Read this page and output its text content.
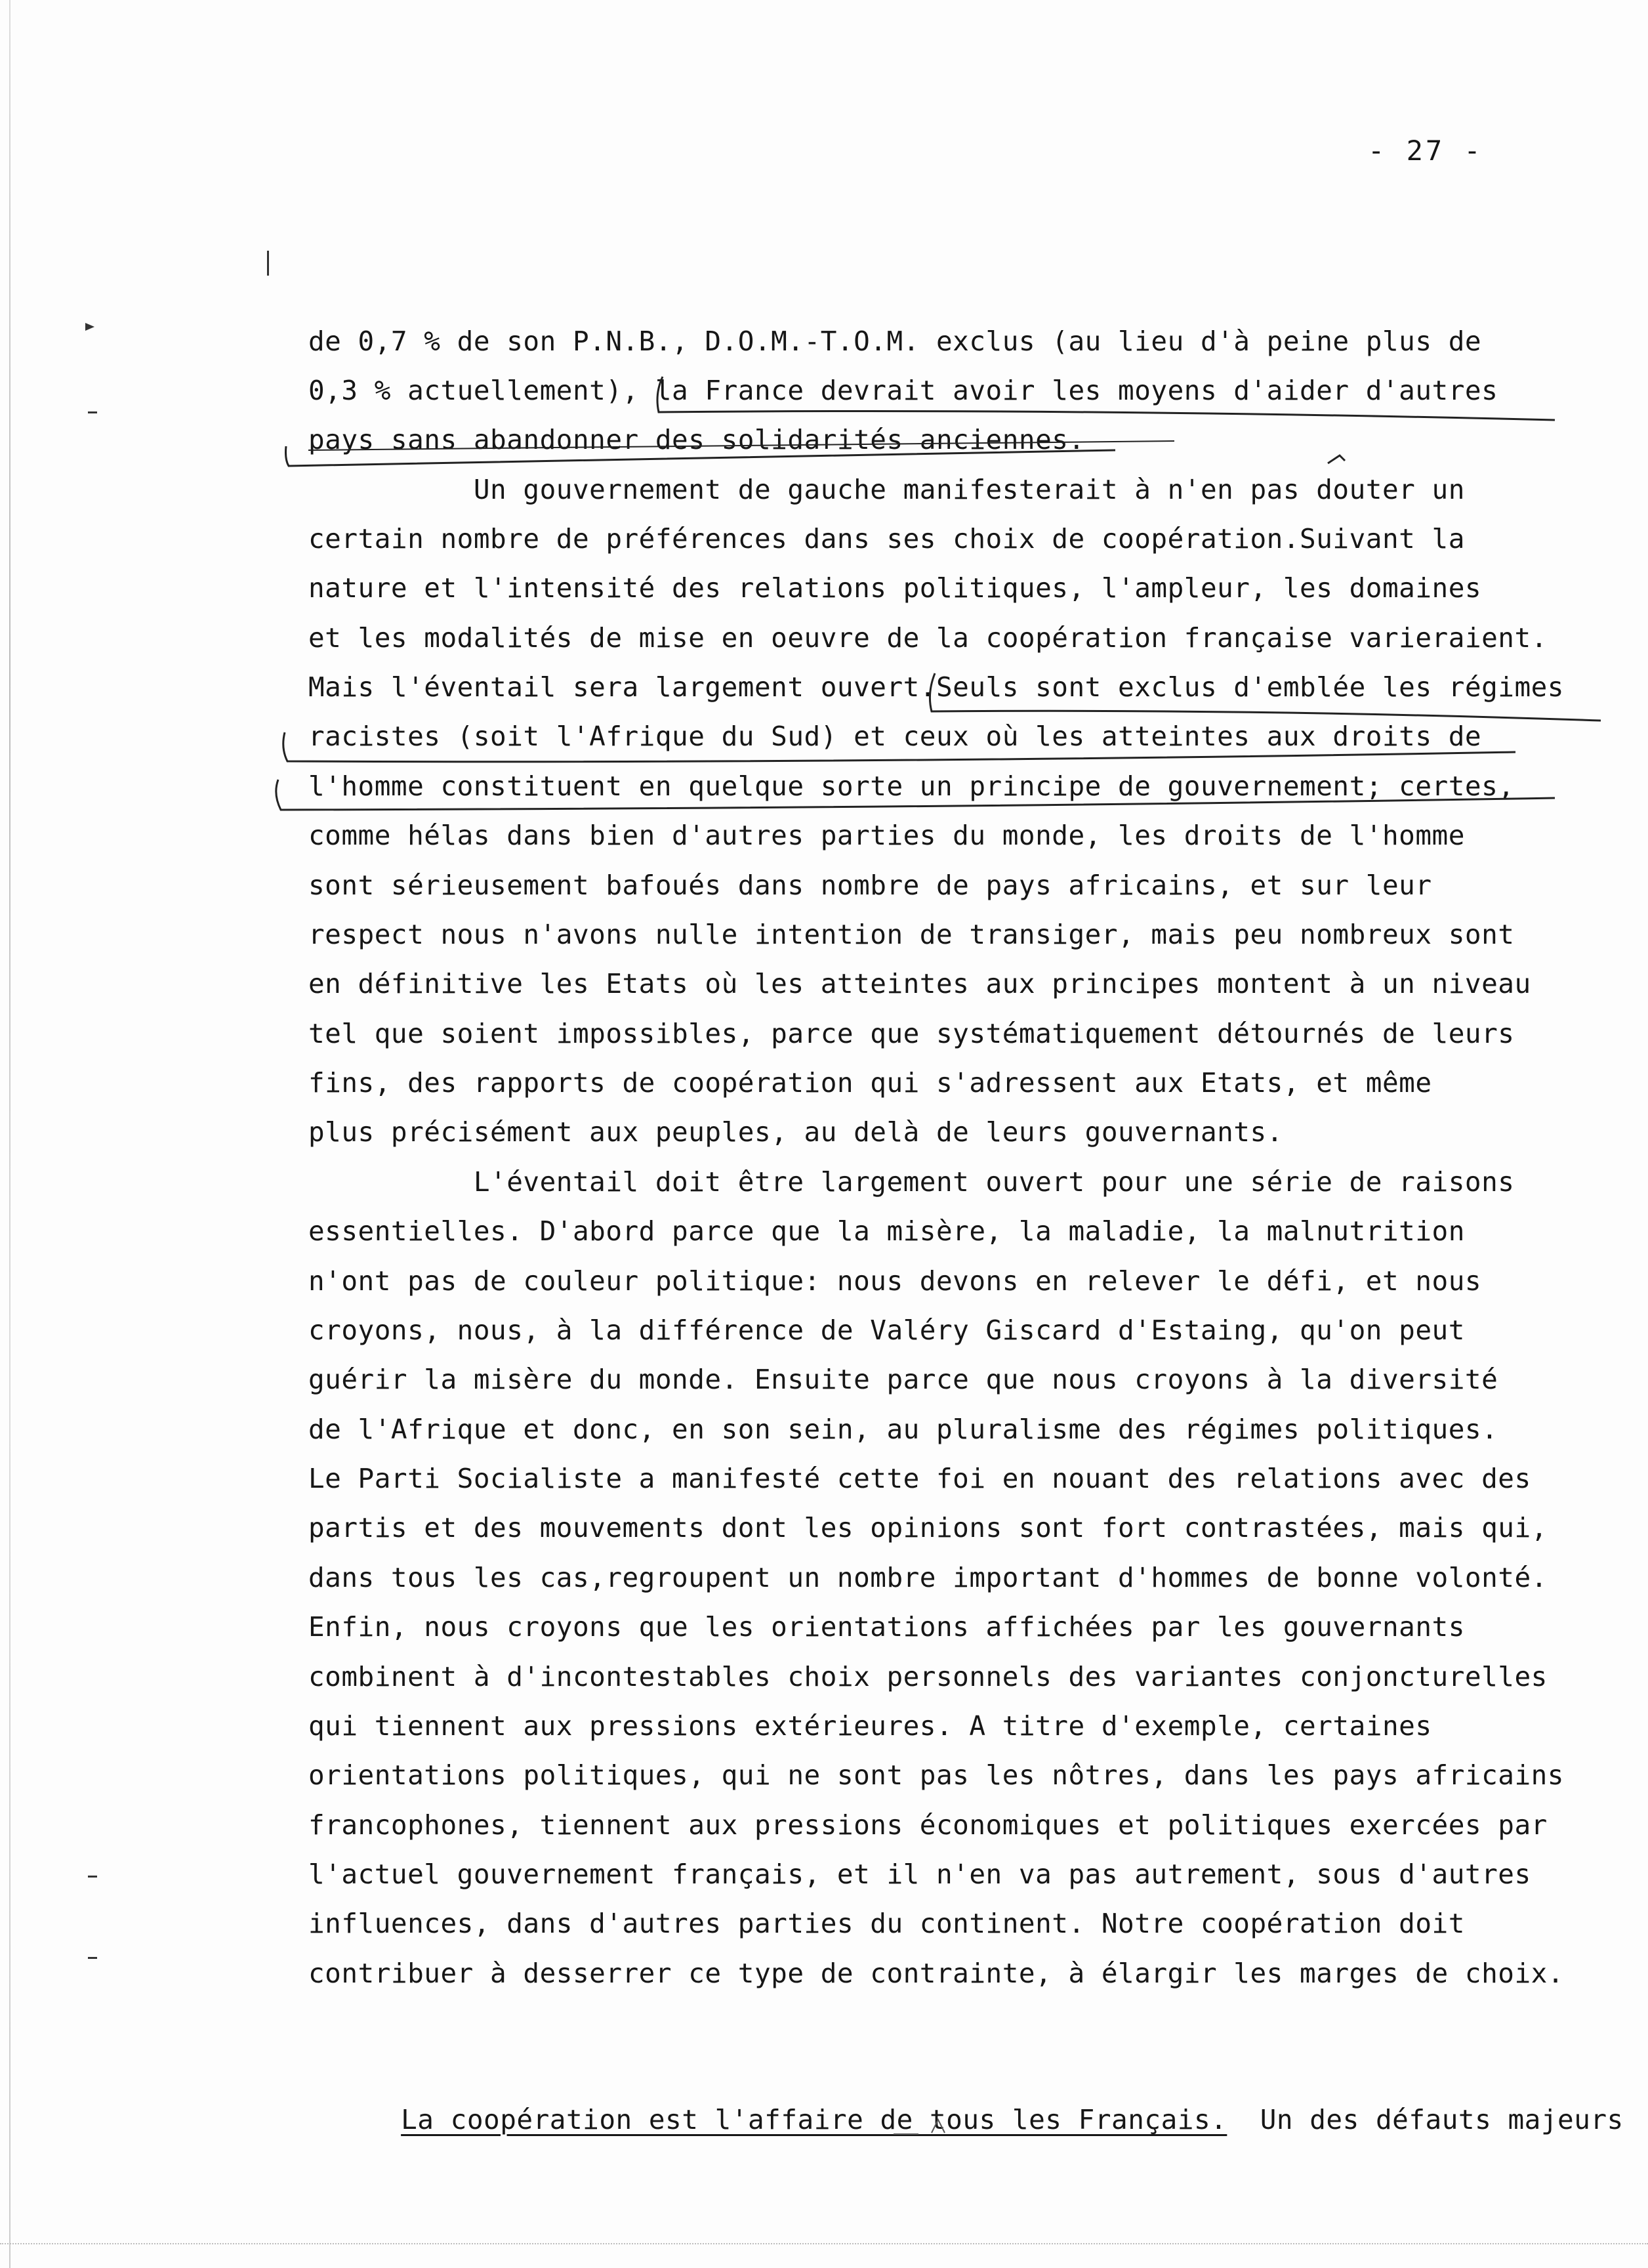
- 27 -
de 0,7 % de son P.N.B., D.O.M.-T.O.M. exclus (au lieu d'à peine plus de
0,3 % actuellement), la France devrait avoir les moyens d'aider d'autres
pays sans abandonner des solidarités anciennes.
Un gouvernement de gauche manifesterait à n'en pas douter un
certain nombre de préférences dans ses choix de coopération.Suivant la
nature et l'intensité des relations politiques, l'ampleur, les domaines
et les modalités de mise en oeuvre de la coopération française varieraient.
Mais l'éventail sera largement ouvert.Seuls sont exclus d'emblée les régimes
racistes (soit l'Afrique du Sud) et ceux où les atteintes aux droits de
l'homme constituent en quelque sorte un principe de gouvernement; certes,
comme hélas dans bien d'autres parties du monde, les droits de l'homme
sont sérieusement bafoués dans nombre de pays africains, et sur leur
respect nous n'avons nulle intention de transiger, mais peu nombreux sont
en définitive les Etats où les atteintes aux principes montent à un niveau
tel que soient impossibles, parce que systématiquement détournés de leurs
fins, des rapports de coopération qui s'adressent aux Etats, et même
plus précisément aux peuples, au delà de leurs gouvernants.
L'éventail doit être largement ouvert pour une série de raisons
essentielles. D'abord parce que la misère, la maladie, la malnutrition
n'ont pas de couleur politique: nous devons en relever le défi, et nous
croyons, nous, à la différence de Valéry Giscard d'Estaing, qu'on peut
guérir la misère du monde. Ensuite parce que nous croyons à la diversité
de l'Afrique et donc, en son sein, au pluralisme des régimes politiques.
Le Parti Socialiste a manifesté cette foi en nouant des relations avec des
partis et des mouvements dont les opinions sont fort contrastées, mais qui,
dans tous les cas,regroupent un nombre important d'hommes de bonne volonté.
Enfin, nous croyons que les orientations affichées par les gouvernants
combinent à d'incontestables choix personnels des variantes conjoncturelles
qui tiennent aux pressions extérieures. A titre d'exemple, certaines
orientations politiques, qui ne sont pas les nôtres, dans les pays africains
francophones, tiennent aux pressions économiques et politiques exercées par
l'actuel gouvernement français, et il n'en va pas autrement, sous d'autres
influences, dans d'autres parties du continent. Notre coopération doit
contribuer à desserrer ce type de contrainte, à élargir les marges de choix.

La coopération est l'affaire de tous les Français.  Un des défauts majeurs
